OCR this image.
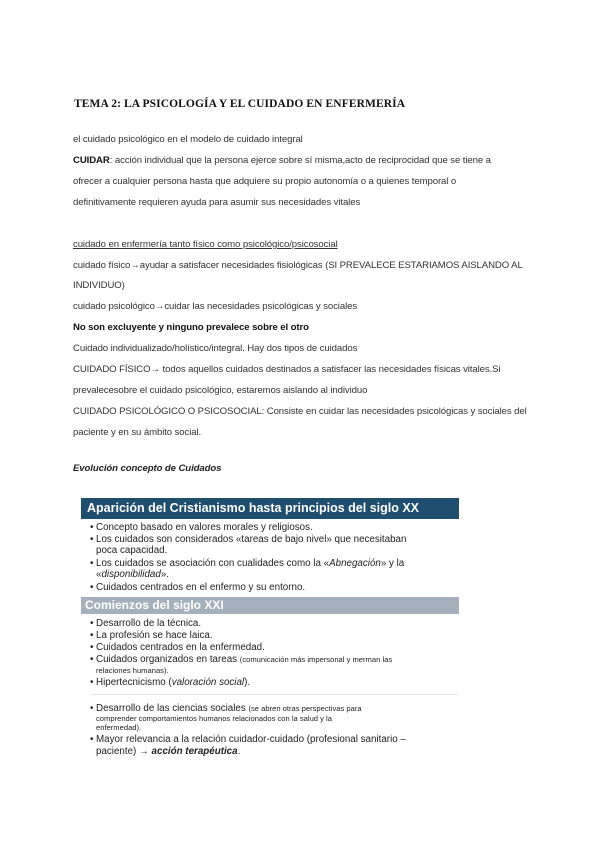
TEMA 2: LA PSICOLOGÍA Y EL CUIDADO EN ENFERMERÍA
el cuidado psicológico en el modelo de cuidado integral
CUIDAR: acción individual que la persona ejerce sobre sí misma,acto de reciprocidad que se tiene a
ofrecer a cualquier persona hasta que adquiere su propio autonomía o a quienes temporal o
definitivamente requieren ayuda para asumir sus necesidades vitales
cuidado en enfermería tanto físico como psicológico/psicosocial
cuidado físico→ayudar a satisfacer necesidades fisiológicas (SI PREVALECE ESTARIAMOS AISLANDO AL
INDIVIDUO)
cuidado psicológico→cuidar las necesidades psicológicas y sociales
No son excluyente y ninguno prevalece sobre el otro
Cuidado individualizado/holístico/integral. Hay dos tipos de cuidados
CUIDADO FÍSICO→ todos aquellos cuidados destinados a satisfacer las necesidades físicas vitales.Si
prevalecesobre el cuidado psicológico, estaremos aislando al individuo
CUIDADO PSICOLÓGICO O PSICOSOCIAL: Consiste en cuidar las necesidades psicológicas y sociales del
paciente y en su ámbito social.
Evolución concepto de Cuidados
Aparición del Cristianismo hasta principios del siglo XX
• Concepto basado en valores morales y religiosos.
• Los cuidados son considerados «tareas de bajo nivel» que necesitaban
poca capacidad.
• Los cuidados se asociación con cualidades como la «Abnegación» y la
«disponibilidad».
• Cuidados centrados en el enfermo y su entorno.
Comienzos del siglo XXI
• Desarrollo de la técnica.
• La profesión se hace laica.
• Cuidados centrados en la enfermedad.
• Cuidados organizados en tareas (comunicación más impersonal y merman las
relaciones humanas).
• Hipertecnicismo (valoración social).
• Desarrollo de las ciencias sociales (se abren otras perspectivas para
comprender comportamientos humanos relacionados con la salud y la
enfermedad).
• Mayor relevancia a la relación cuidador-cuidado (profesional sanitario –
paciente) → acción terapéutica.
